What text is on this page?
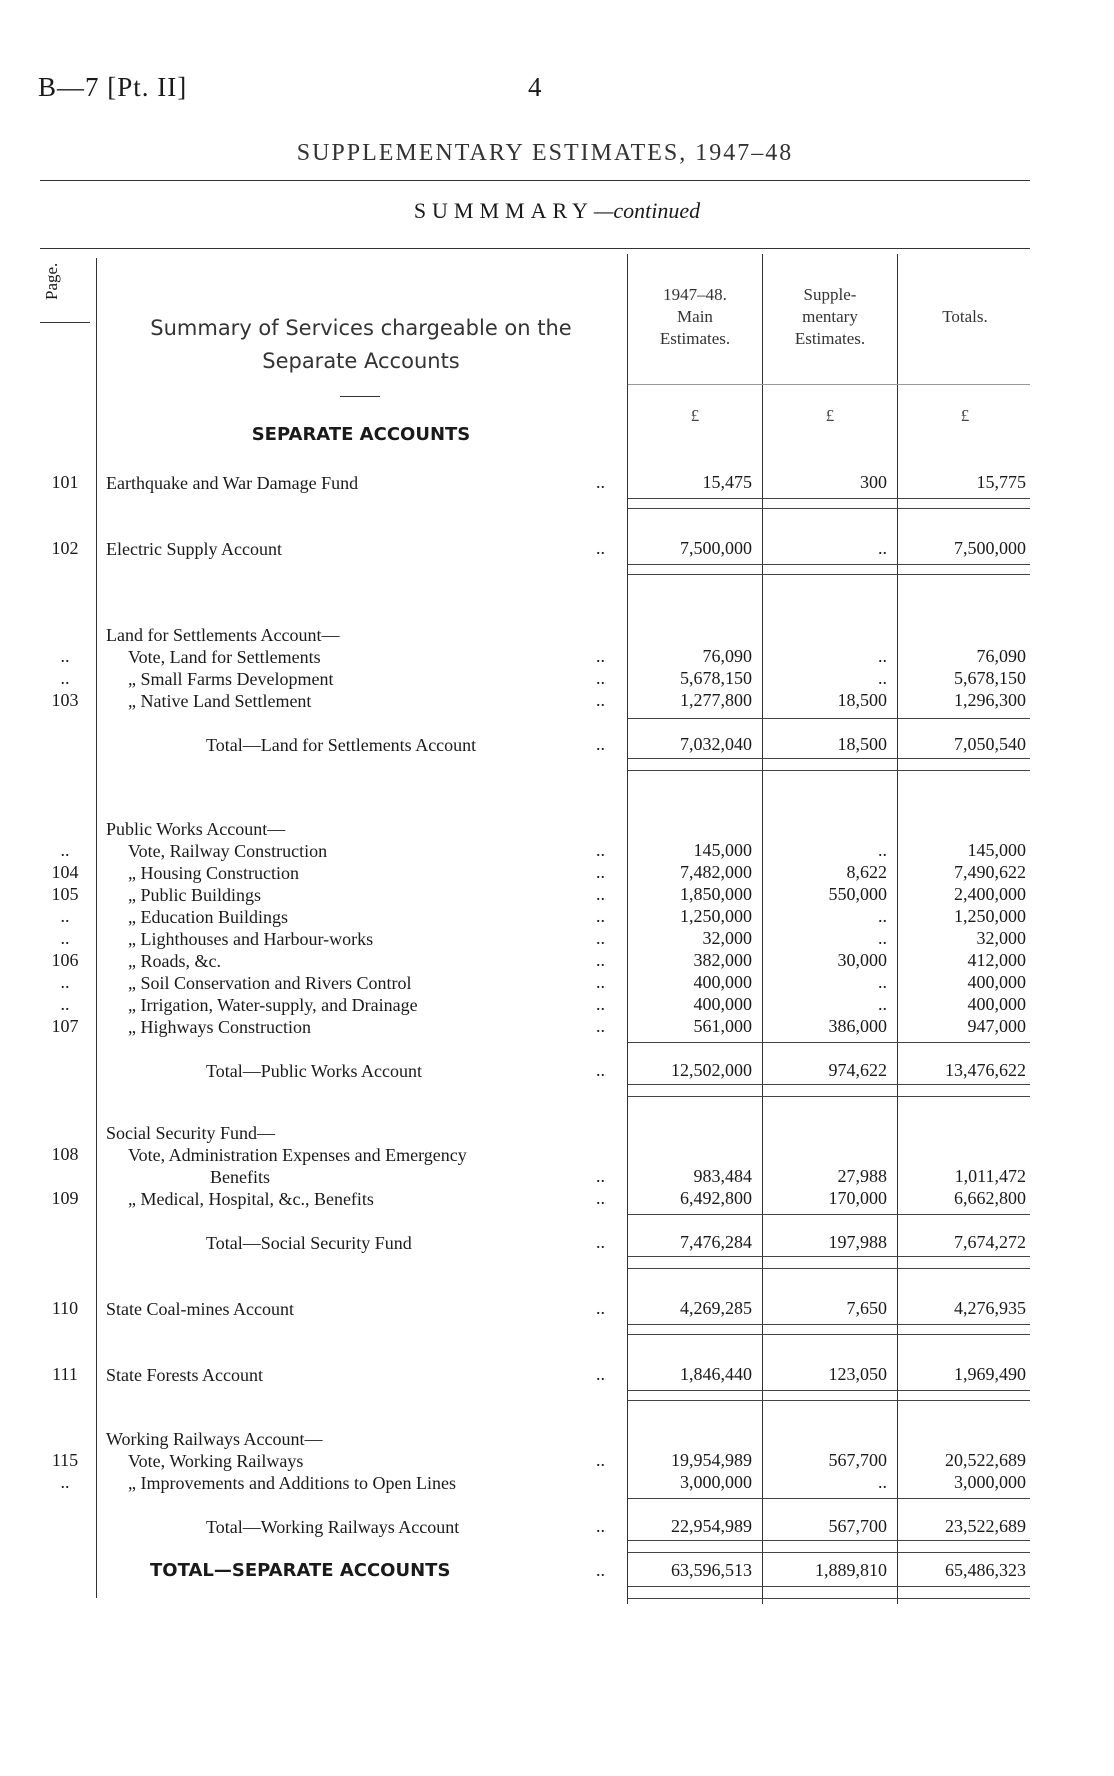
B—7 [Pt. II]	4
SUPPLEMENTARY ESTIMATES, 1947–48
SUMMMARY—continued
Page.
Summary of Services chargeable on the
Separate Accounts
1947–48.
Main
Estimates.
Supple-
mentary
Estimates.
Totals.
£	£	£
SEPARATE ACCOUNTS
101	Earthquake and War Damage Fund	..	15,475	300	15,775
102	Electric Supply Account	..	7,500,000	..	7,500,000
Land for Settlements Account—
..	Vote, Land for Settlements	..	76,090	..	76,090
..	„ Small Farms Development	..	5,678,150	..	5,678,150
103	„ Native Land Settlement	..	1,277,800	18,500	1,296,300
Total—Land for Settlements Account	..	7,032,040	18,500	7,050,540
Public Works Account—
..	Vote, Railway Construction	..	145,000	..	145,000
104	„ Housing Construction	..	7,482,000	8,622	7,490,622
105	„ Public Buildings	..	1,850,000	550,000	2,400,000
..	„ Education Buildings	..	1,250,000	..	1,250,000
..	„ Lighthouses and Harbour-works	..	32,000	..	32,000
106	„ Roads, &c.	..	382,000	30,000	412,000
..	„ Soil Conservation and Rivers Control	..	400,000	..	400,000
..	„ Irrigation, Water-supply, and Drainage	..	400,000	..	400,000
107	„ Highways Construction	..	561,000	386,000	947,000
Total—Public Works Account	..	12,502,000	974,622	13,476,622
Social Security Fund—
108	Vote, Administration Expenses and Emergency
Benefits	..	983,484	27,988	1,011,472
109	„ Medical, Hospital, &c., Benefits	..	6,492,800	170,000	6,662,800
Total—Social Security Fund	..	7,476,284	197,988	7,674,272
110	State Coal-mines Account	..	4,269,285	7,650	4,276,935
111	State Forests Account	..	1,846,440	123,050	1,969,490
Working Railways Account—
115	Vote, Working Railways	..	19,954,989	567,700	20,522,689
..	„ Improvements and Additions to Open Lines	3,000,000	..	3,000,000
Total—Working Railways Account	..	22,954,989	567,700	23,522,689
TOTAL—SEPARATE ACCOUNTS	..	63,596,513	1,889,810	65,486,323
